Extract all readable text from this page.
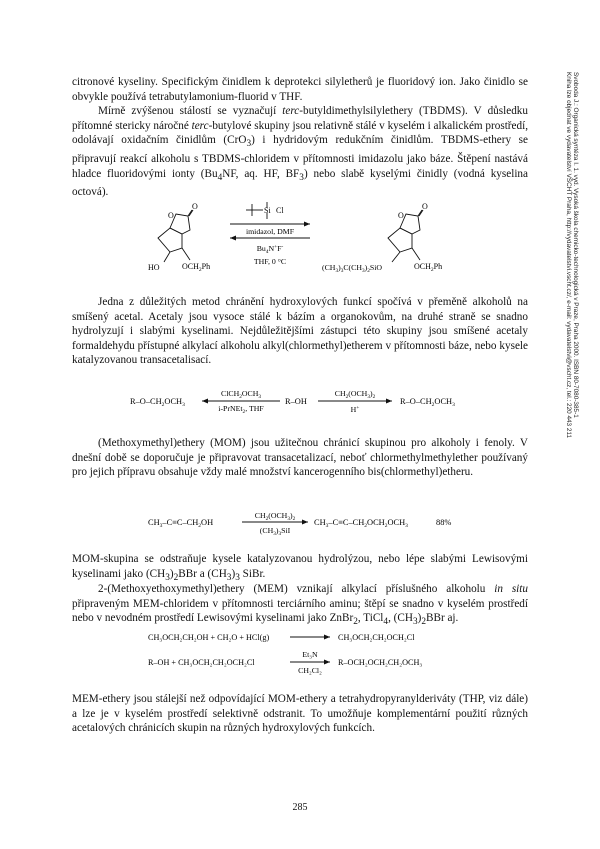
Svoboda J.: Organická syntéza I. 1. vyd. Vysoká škola chemicko-technologická v Praze, Praha 2000. ISBN 80-7080-385-1
Kniha lze objednat ve vydavatelství VŠCHT Praha, http://vydavatelstvi.vscht.cz/, e-mail: vydavatelstvi@vscht.cz, tel.: 220 443 211

citronové kyseliny. Specifickým činidlem k deprotekci silyletherů je fluoridový ion. Jako činidlo se obvykle používá tetrabutylamonium-fluorid v THF.

Mírně zvýšenou stálostí se vyznačují terc-butyldimethylsilylethery (TBDMS). V důsledku přítomné stericky náročné terc-butylové skupiny jsou relativně stálé v kyselém i alkalickém prostředí, odolávají oxidačním činidlům (CrO$_3$) i hydridovým redukčním činidlům. TBDMS-ethery se připravují reakcí alkoholu s TBDMS-chloridem v přítomnosti imidazolu jako báze. Štěpení nastává hladce fluoridovými ionty ($Bu_4NF$, aq. HF, $BF_3$) nebo slabě kyselými činidly (vodná kyselina octová).

O
O
HO	$OCH_2Ph$
Si Cl
imidazol, DMF
$Bu_4N^+F^-$
THF, 0 °C
O
O
$(CH_3)_3C(CH_3)_2SiO$	$OCH_2Ph$

Jedna z důležitých metod chránění hydroxylových funkcí spočívá v přeměně alkoholů na smíšený acetal. Acetaly jsou vysoce stálé k bázím a organokovům, na druhé straně se snadno hydrolyzují i slabými kyselinami. Nejdůležitějšími zástupci této skupiny jsou smíšené acetaly formaldehydu přístupné alkylací alkoholu alkyl(chlormethyl)etherem v přítomnosti báze, nebo kysele katalyzovanou transacetalisací.

$R-O-CH_2OCH_3$
$ClCH_2OCH_3$
i-PrNEt$_2$, THF
R–OH
$CH_2(OCH_3)_2$
H+
$R-O-CH_2OCH_3$

(Methoxymethyl)ethery (MOM) jsou užitečnou chránicí skupinou pro alkoholy i fenoly. V dnešní době se doporučuje je připravovat transacetalizací, neboť chlormethylmethylether používaný pro jejich přípravu obsahuje vždy malé množství kancerogenního bis(chlormethyl)etheru.

$CH_3-C\equiv C-CH_2OH$
$CH_2(OCH_3)_2$
$(CH_3)_3SiI$
$CH_3-C\equiv C-CH_2OCH_2OCH_3$	88%

MOM-skupina se odstraňuje kysele katalyzovanou hydrolýzou, nebo lépe slabými Lewisovými kyselinami jako $(CH_3)_2BBr$ a $(CH_3)_3$ SiBr.

2-(Methoxyethoxymethyl)ethery (MEM) vznikají alkylací příslušného alkoholu in situ připraveným MEM-chloridem v přítomnosti terciárního aminu; štěpí se snadno v kyselém prostředí nebo v nevodném prostředí Lewisovými kyselinami jako ZnBr$_2$, TiCl$_4$, $(CH_3)_2BBr$ aj.

CH₃OCH₂CH₂OH + CH₂O + HCl(g)	CH₃OCH₂CH₂OCH₂Cl
R–OH + CH₃OCH₂CH₂OCH₂Cl
Et₃N
CH₂Cl₂
R–OCH₂OCH₂CH₂OCH₃

MEM-ethery jsou stálejší než odpovídající MOM-ethery a tetrahydropyranylderiváty (THP, viz dále) a lze je v kyselém prostředí selektivně odstranit. To umožňuje komplementární použití různých acetalových chránicích skupin na různých hydroxylových funkcích.

285
